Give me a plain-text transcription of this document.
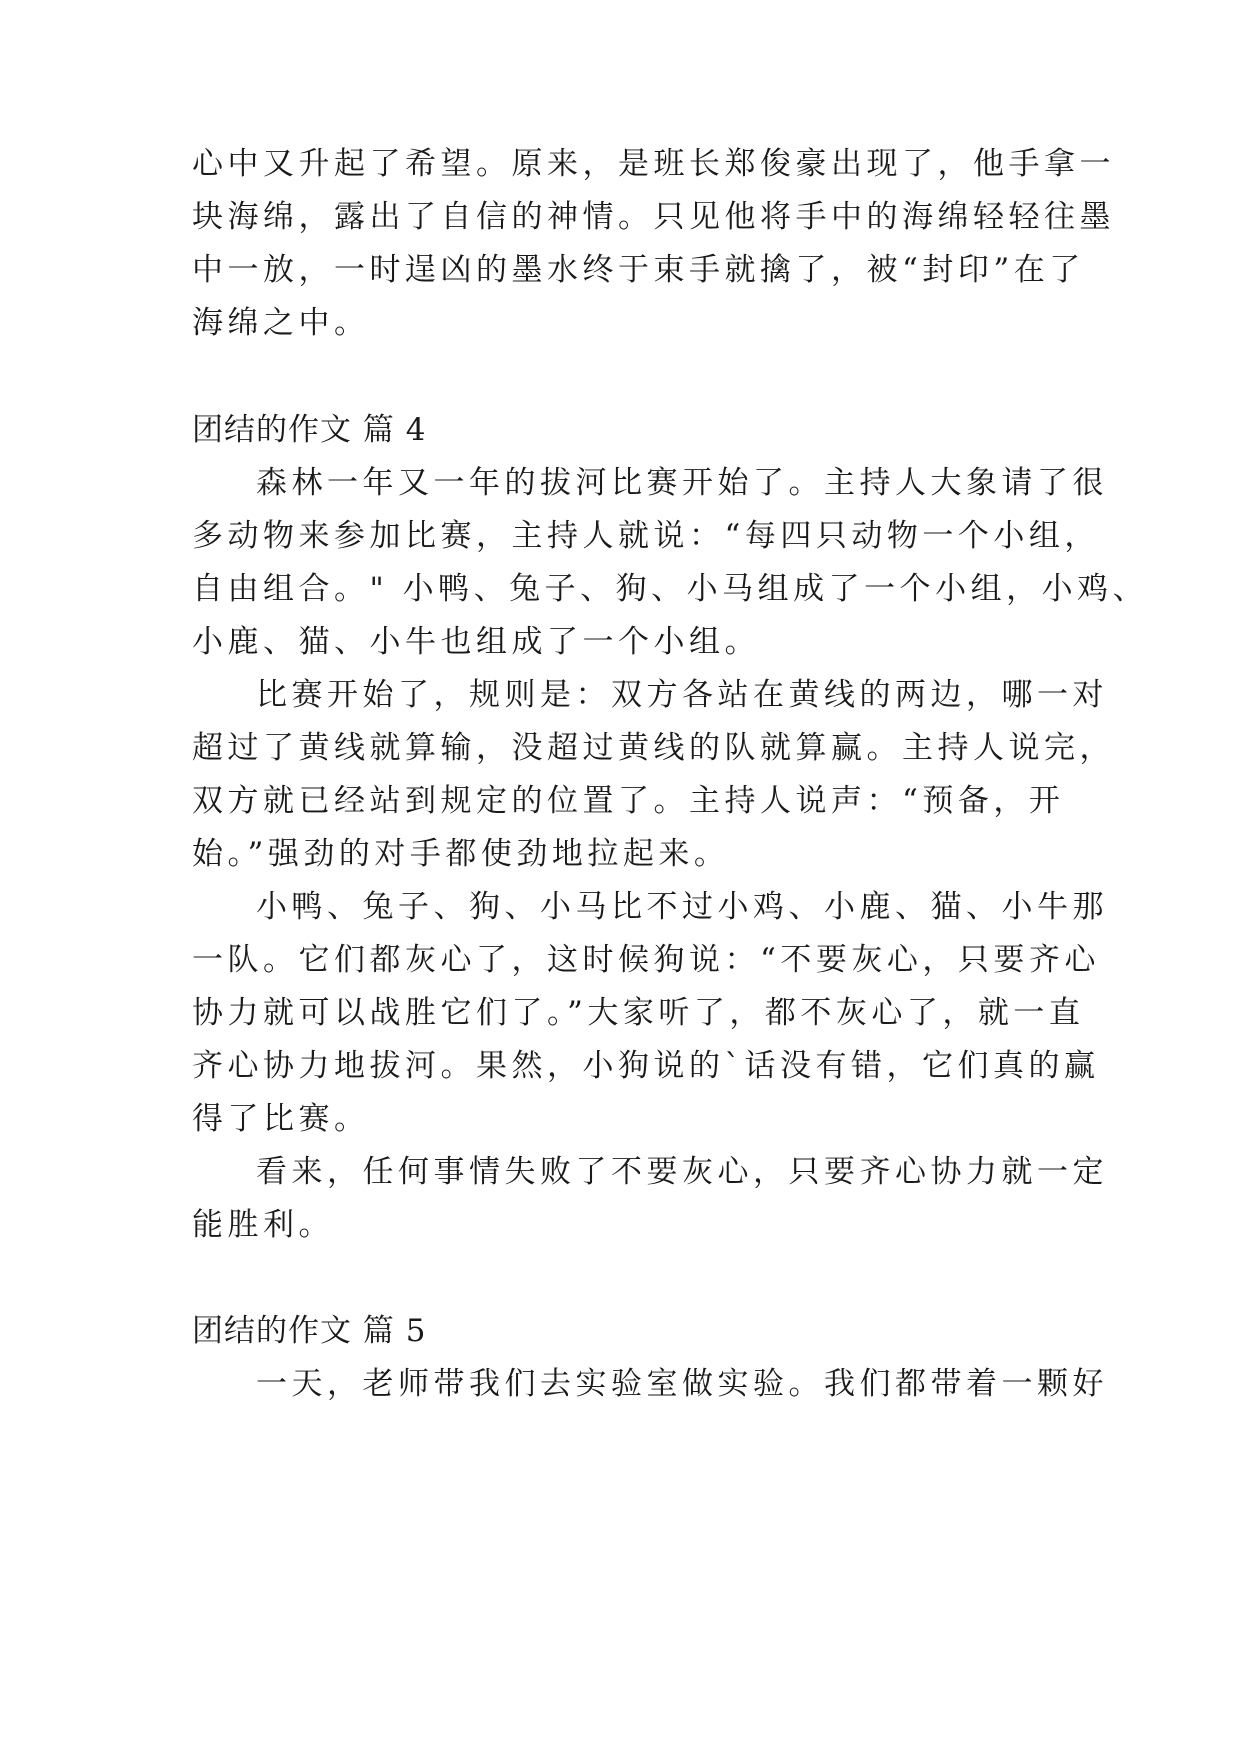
心中又升起了希望。原来，是班长郑俊豪出现了，他手拿一
块海绵，露出了自信的神情。只见他将手中的海绵轻轻往墨
中一放，一时逞凶的墨水终于束手就擒了，被“封印”在了
海绵之中。
团结的作文 篇 4
森林一年又一年的拔河比赛开始了。主持人大象请了很
多动物来参加比赛，主持人就说：“每四只动物一个小组，
自由组合。" 小鸭、兔子、狗、小马组成了一个小组，小鸡、
小鹿、猫、小牛也组成了一个小组。
比赛开始了，规则是：双方各站在黄线的两边，哪一对
超过了黄线就算输，没超过黄线的队就算赢。主持人说完，
双方就已经站到规定的位置了。主持人说声：“预备，开
始。”强劲的对手都使劲地拉起来。
小鸭、兔子、狗、小马比不过小鸡、小鹿、猫、小牛那
一队。它们都灰心了，这时候狗说：“不要灰心，只要齐心
协力就可以战胜它们了。”大家听了，都不灰心了，就一直
齐心协力地拔河。果然，小狗说的`话没有错，它们真的赢
得了比赛。
看来，任何事情失败了不要灰心，只要齐心协力就一定
能胜利。
团结的作文 篇 5
一天，老师带我们去实验室做实验。我们都带着一颗好
